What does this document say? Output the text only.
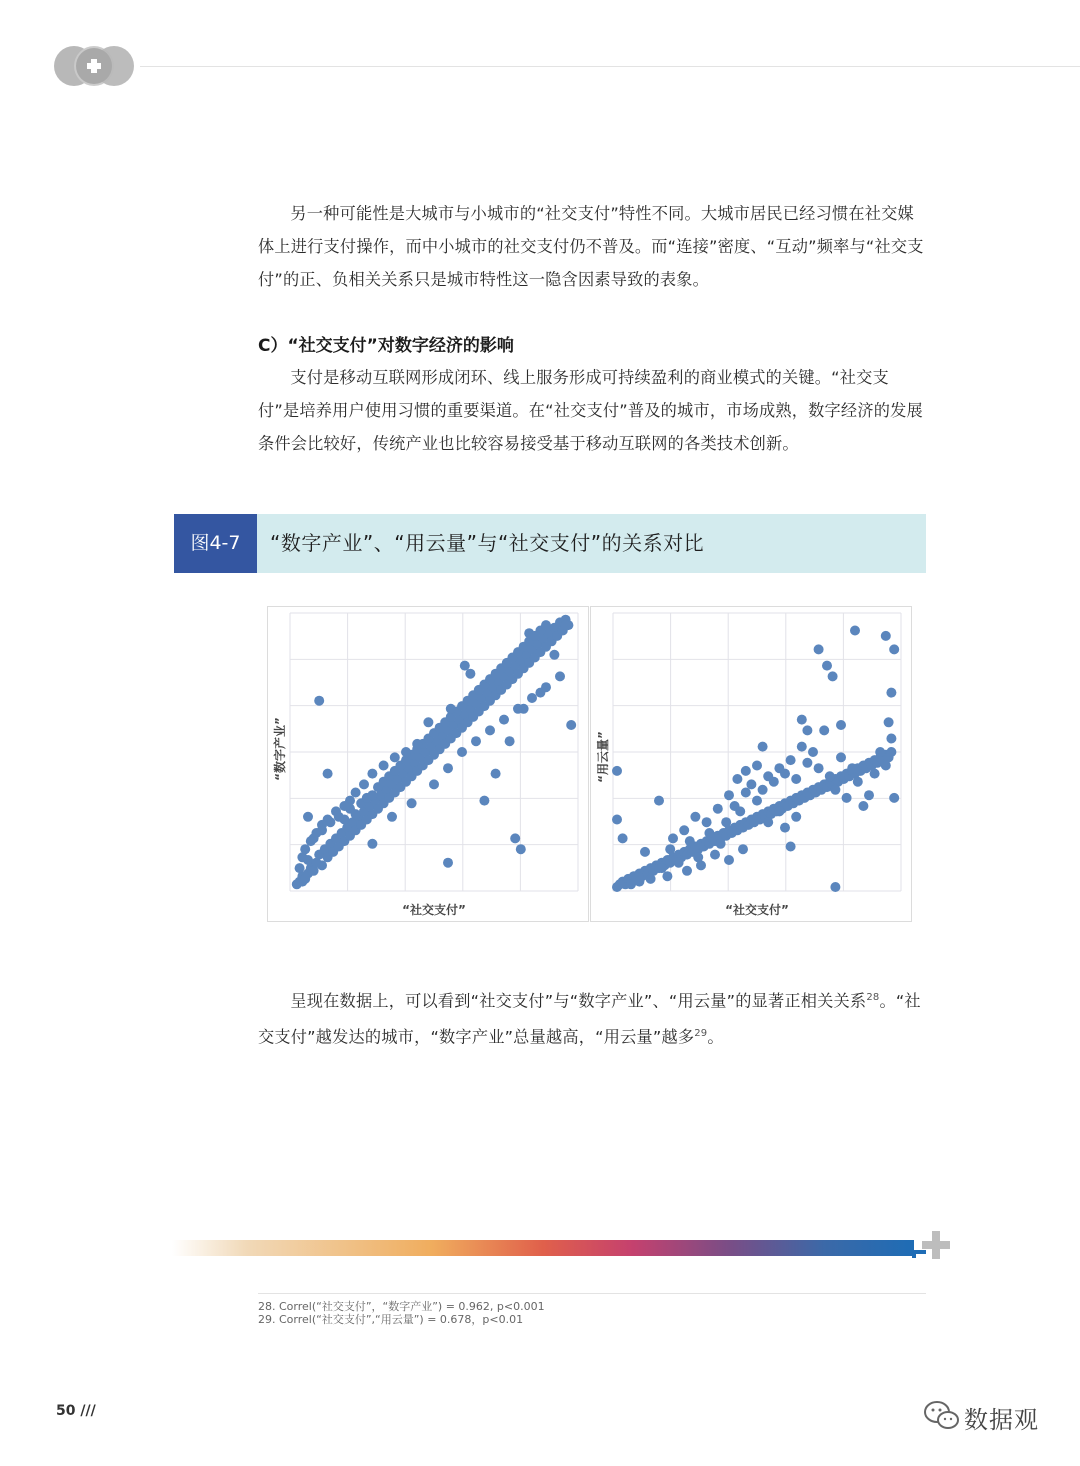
另一种可能性是大城市与小城市的“社交支付”特性不同。大城市居民已经习惯在社交媒体上进行支付操作，而中小城市的社交支付仍不普及。而“连接”密度、“互动”频率与“社交支付”的正、负相关关系只是城市特性这一隐含因素导致的表象。

C）“社交支付”对数字经济的影响

支付是移动互联网形成闭环、线上服务形成可持续盈利的商业模式的关键。“社交支付”是培养用户使用习惯的重要渠道。在“社交支付”普及的城市，市场成熟，数字经济的发展条件会比较好，传统产业也比较容易接受基于移动互联网的各类技术创新。

图4-7	“数字产业”、“用云量”与“社交支付”的关系对比
“社交支付”
“数字产业”
“社交支付”
“用云量”

呈现在数据上，可以看到“社交支付”与“数字产业”、“用云量”的显著正相关关系$^{28}$。“社交支付”越发达的城市，“数字产业”总量越高，“用云量”越多$^{29}$。

28. Correl(“社交支付”，“数字产业”) = 0.962, p<0.001
29. Correl(“社交支付”,“用云量”) = 0.678，p<0.01
50 ///	数据观
